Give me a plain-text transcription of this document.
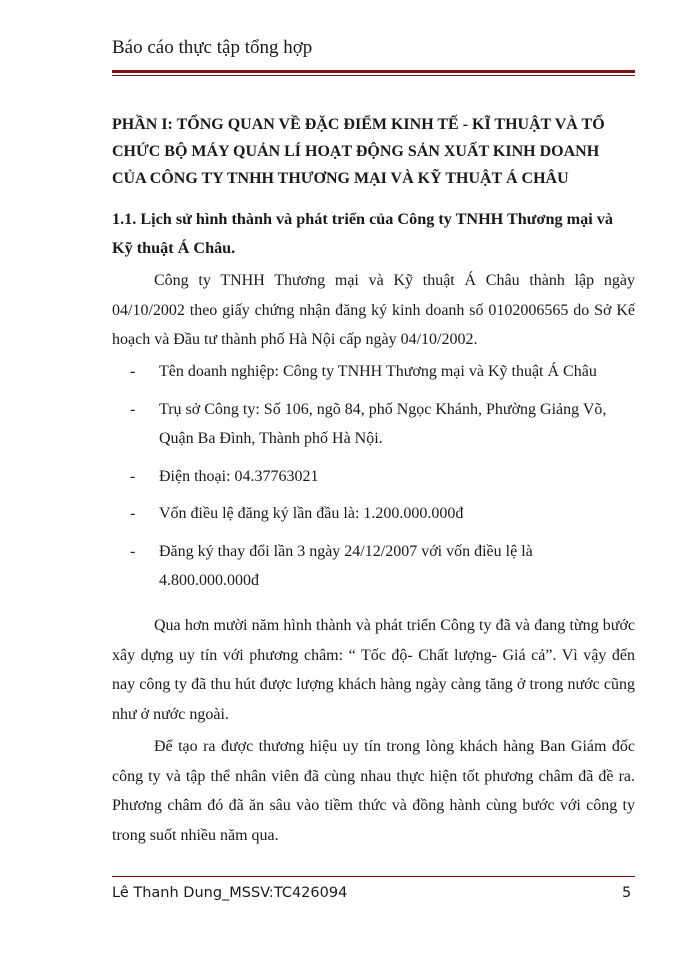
Báo cáo thực tập tổng hợp

PHẦN I: TỔNG QUAN VỀ ĐẶC ĐIỂM KINH TẾ - KĨ THUẬT VÀ TỔ CHỨC BỘ MÁY QUẢN LÍ HOẠT ĐỘNG SẢN XUẤT KINH DOANH CỦA CÔNG TY TNHH THƯƠNG MẠI VÀ KỸ THUẬT Á CHÂU

1.1. Lịch sử hình thành và phát triển của Công ty TNHH Thương mại và Kỹ thuật Á Châu.

Công ty TNHH Thương mại và Kỹ thuật Á Châu thành lập ngày 04/10/2002 theo giấy chứng nhận đăng ký kinh doanh số 0102006565 do Sở Kế hoạch và Đầu tư thành phố Hà Nội cấp ngày 04/10/2002.

- Tên doanh nghiệp: Công ty TNHH Thương mại và Kỹ thuật Á Châu
- Trụ sở Công ty: Số 106, ngõ 84, phố Ngọc Khánh, Phường Giảng Võ, Quận Ba Đình, Thành phố Hà Nội.
- Điện thoại: 04.37763021
- Vốn điều lệ đăng ký lần đầu là: 1.200.000.000đ
- Đăng ký thay đổi lần 3 ngày 24/12/2007 với vốn điều lệ là 4.800.000.000đ

Qua hơn mười năm hình thành và phát triển Công ty đã và đang từng bước xây dựng uy tín với phương châm: “ Tốc độ- Chất lượng- Giá cả”. Vì vậy đến nay công ty đã thu hút được lượng khách hàng ngày càng tăng ở trong nước cũng như ở nước ngoài.

Để tạo ra được thương hiệu uy tín trong lòng khách hàng Ban Giám đốc công ty và tập thể nhân viên đã cùng nhau thực hiện tốt phương châm đã đề ra. Phương châm đó đã ăn sâu vào tiềm thức và đồng hành cùng bước với công ty trong suốt nhiều năm qua.

Lê Thanh Dung_MSSV:TC426094	5
